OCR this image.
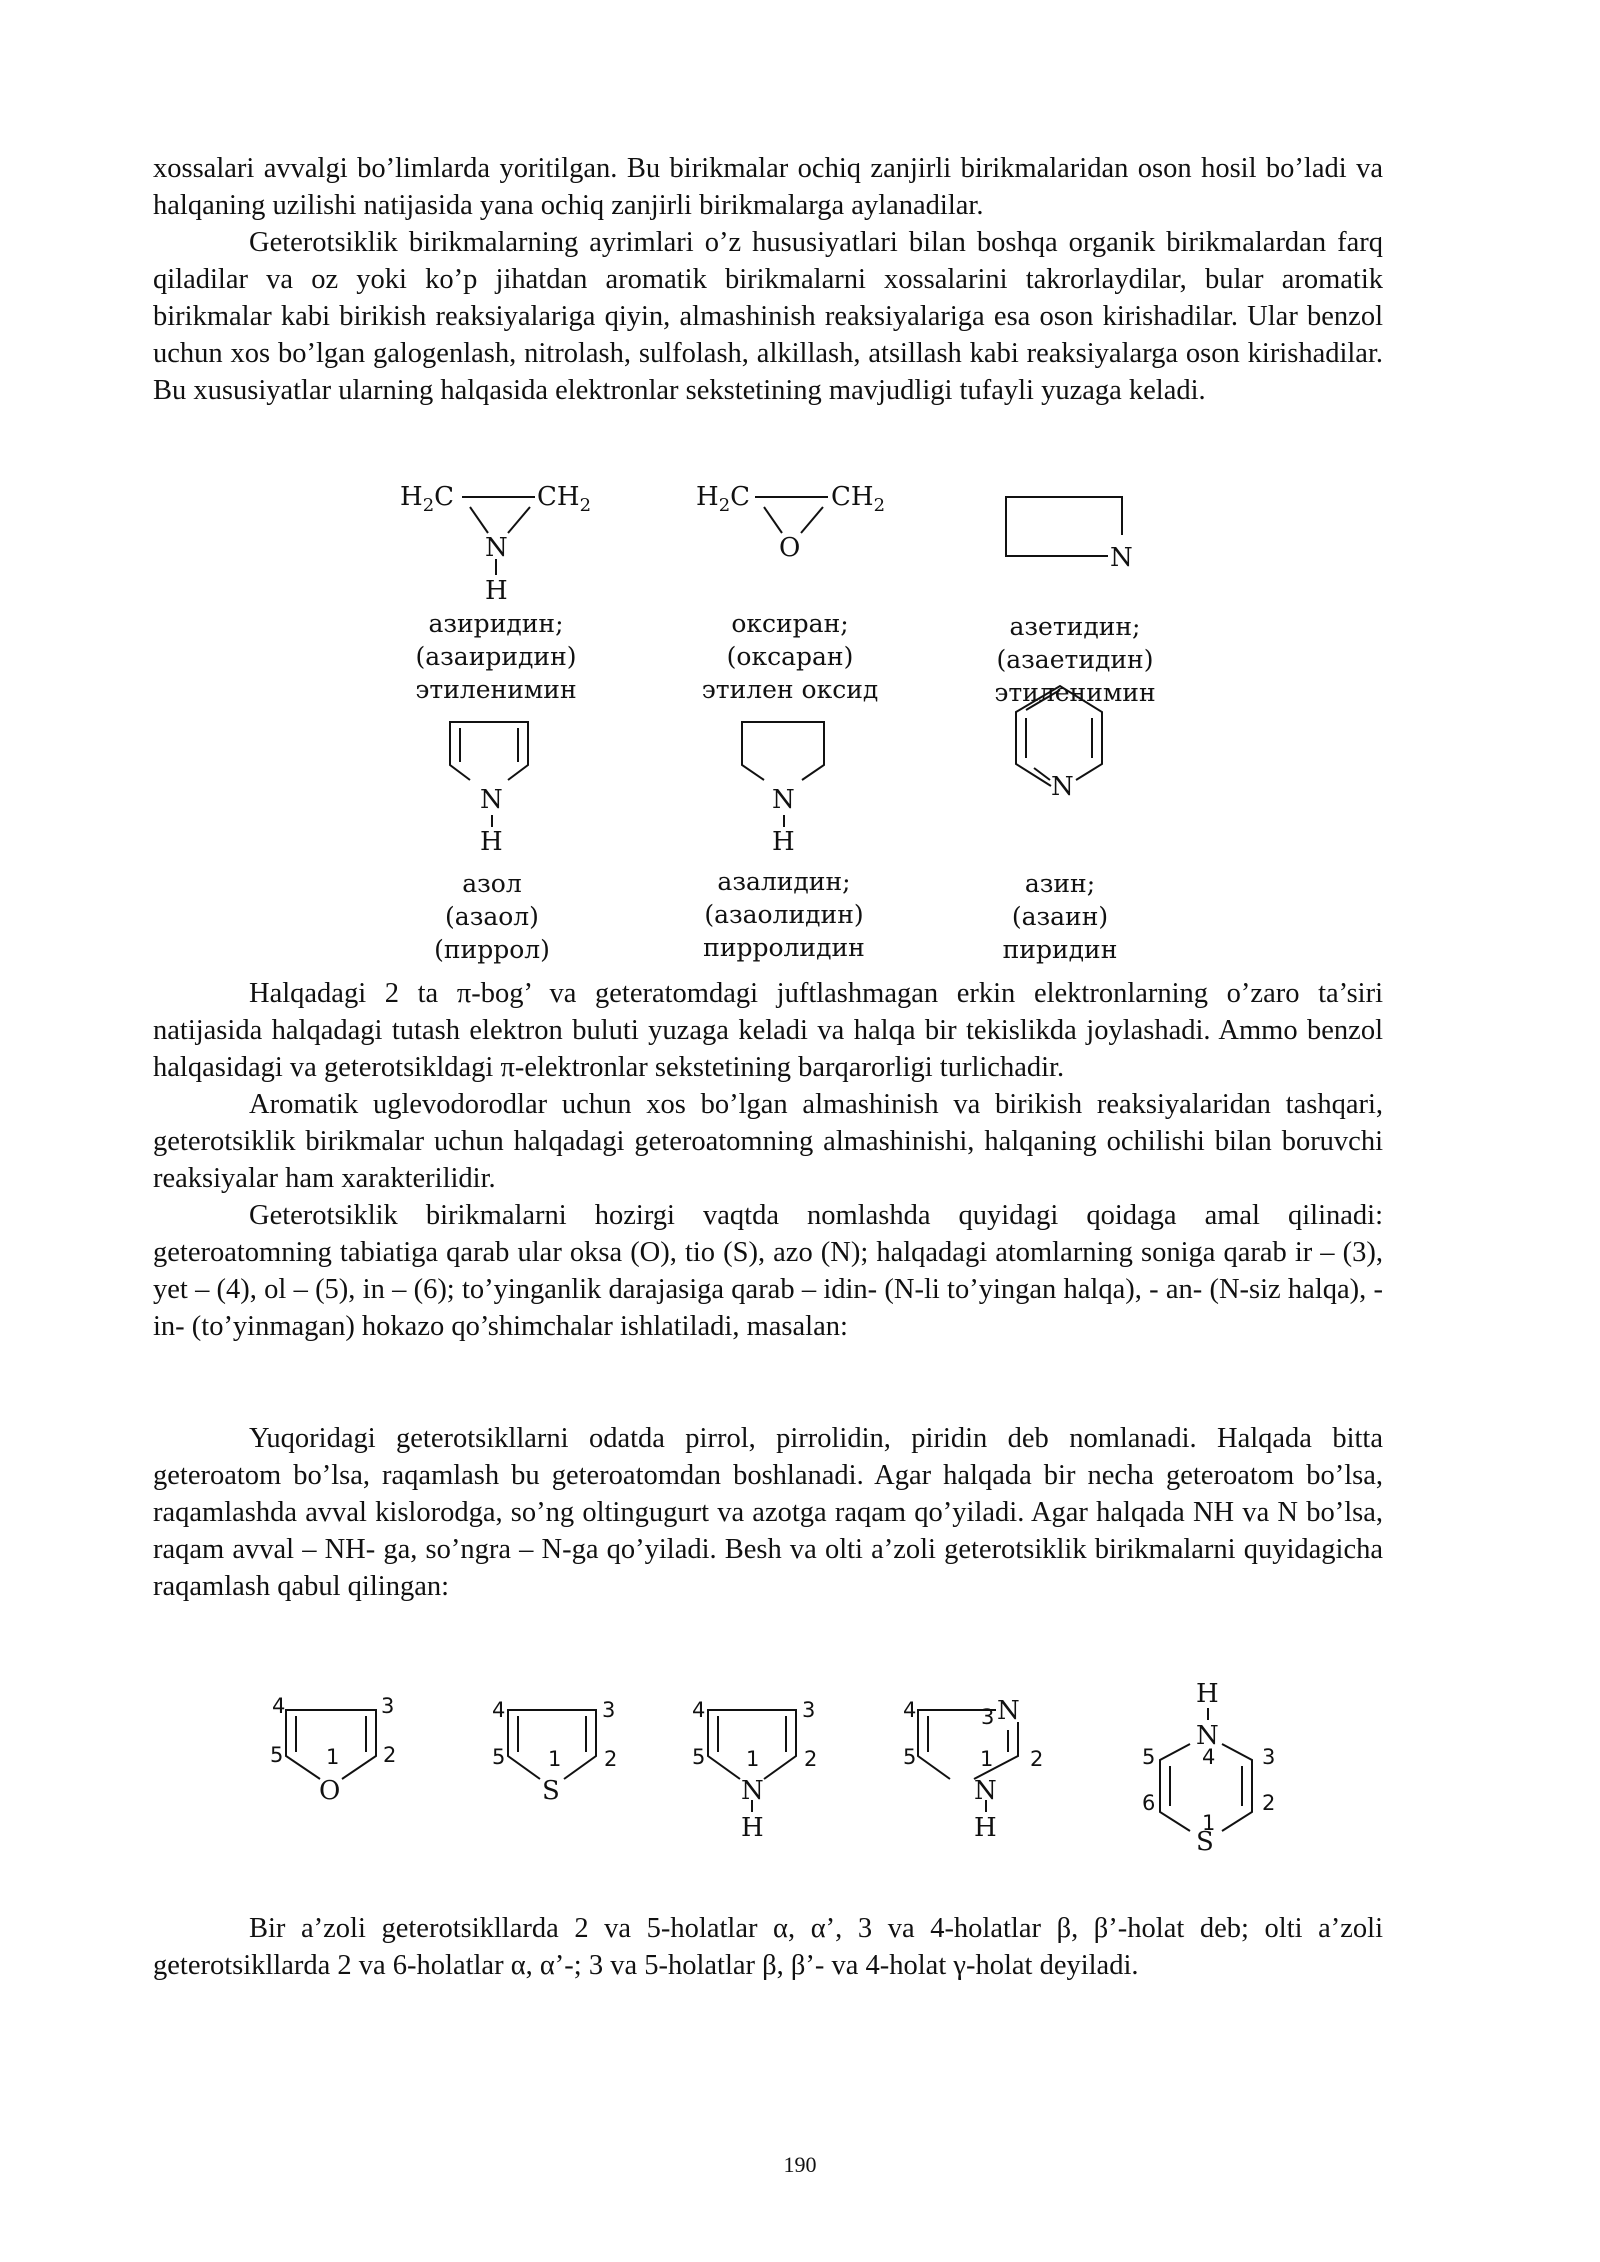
xossalari avvalgi bo’limlarda yoritilgan. Bu birikmalar ochiq zanjirli birikmalaridan oson hosil bo’ladi va halqaning uzilishi natijasida yana ochiq zanjirli birikmalarga aylanadilar.

Geterotsiklik birikmalarning ayrimlari o’z hususiyatlari bilan boshqa organik birikmalardan farq qiladilar va oz yoki ko’p jihatdan aromatik birikmalarni xossalarini takrorlaydilar, bular aromatik birikmalar kabi birikish reaksiyalariga qiyin, almashinish reaksiyalariga esa oson kirishadilar. Ular benzol uchun xos bo’lgan galogenlash, nitrolash, sulfolash, alkillash, atsillash kabi reaksiyalarga oson kirishadilar. Bu xususiyatlar ularning halqasida elektronlar sekstetining mavjudligi tufayli yuzaga keladi.

$H_2C$	$CH_2$
N
H
$H_2C$	$CH_2$
O	N
азиридин;
(азаиридин)
этиленимин
оксиран;
(оксаран)
этилен оксид
азетидин;
(азаетидин)
этиленимин
N
H
N
H
N
азол
(азаол)
(пиррол)
азалидин;
(азаолидин)
пирролидин
азин;
(азаин)
пиридин

Halqadagi 2 ta π-bog’ va geteratomdagi juftlashmagan erkin elektronlarning o’zaro ta’siri natijasida halqadagi tutash elektron buluti yuzaga keladi va halqa bir tekislikda joylashadi. Ammo benzol halqasidagi va geterotsikldagi π-elektronlar sekstetining barqarorligi turlichadir.

Aromatik uglevodorodlar uchun xos bo’lgan almashinish va birikish reaksiyalaridan tashqari, geterotsiklik birikmalar uchun halqadagi geteroatomning almashinishi, halqaning ochilishi bilan boruvchi reaksiyalar ham xarakterilidir.

Geterotsiklik birikmalarni hozirgi vaqtda nomlashda quyidagi qoidaga amal qilinadi: geteroatomning tabiatiga qarab ular oksa (O), tio (S), azo (N); halqadagi atomlarning soniga qarab ir – (3), yet – (4), ol – (5), in – (6); to’yinganlik darajasiga qarab – idin- (N-li to’yingan halqa), - an- (N-siz halqa), -in- (to’yinmagan) hokazo qo’shimchalar ishlatiladi, masalan:

Yuqoridagi geterotsikllarni odatda pirrol, pirrolidin, piridin deb nomlanadi. Halqada bitta geteroatom bo’lsa, raqamlash bu geteroatomdan boshlanadi. Agar halqada bir necha geteroatom bo’lsa, raqamlashda avval kislorodga, so’ng oltingugurt va azotga raqam qo’yiladi. Agar halqada NH va N bo’lsa, raqam avval – NH- ga, so’ngra – N-ga qo’yiladi. Besh va olti a’zoli geterotsiklik birikmalarni quyidagicha raqamlash qabul qilingan:

O
4	3
5	2
1
S
4	3
5	2
1
N
H
4	3
5	2
1
N
N
H
4	3
5	2
1
H
N
S
4 3
2
1
5
6

Bir a’zoli geterotsikllarda 2 va 5-holatlar α, α’, 3 va 4-holatlar β, β’-holat deb; olti a’zoli geterotsikllarda 2 va 6-holatlar α, α’-; 3 va 5-holatlar β, β’- va 4-holat γ-holat deyiladi.

190
